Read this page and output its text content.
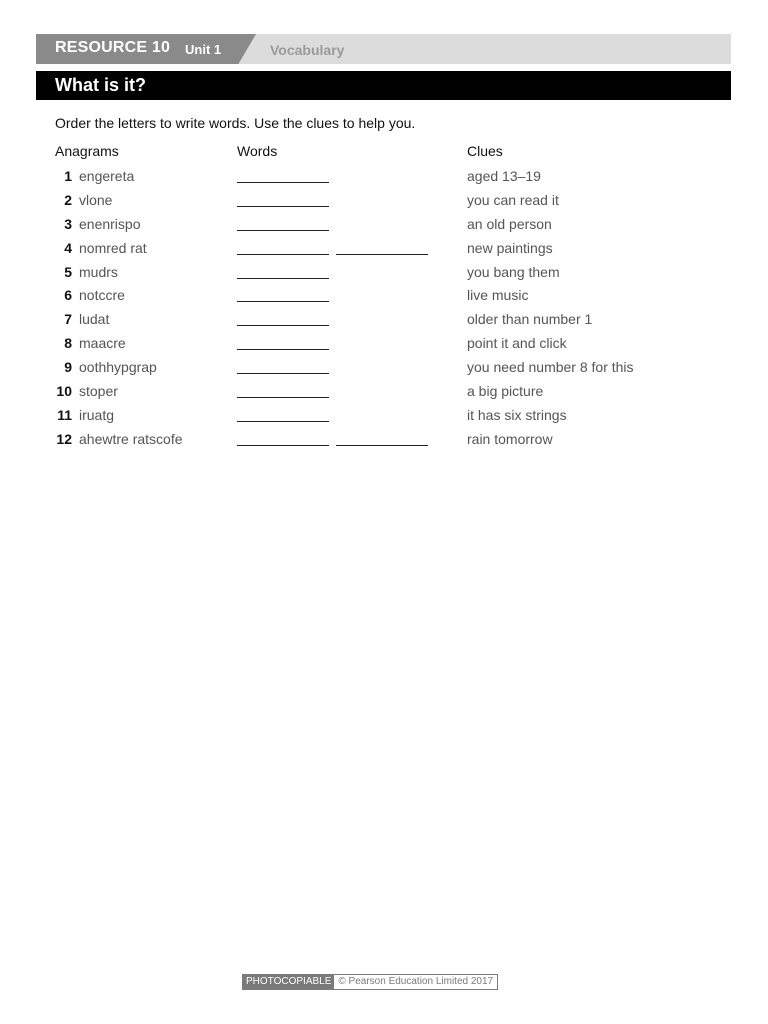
RESOURCE 10 Unit 1	Vocabulary
What is it?
Order the letters to write words. Use the clues to help you.
Anagrams	Words	Clues
1 engereta	aged 13–19
2 vlone	you can read it
3 enenrispo	an old person
4 nomred rat	new paintings
5 mudrs	you bang them
6 notccre	live music
7 ludat	older than number 1
8 maacre	point it and click
9 oothhypgrap	you need number 8 for this
10 stoper	a big picture
11 iruatg	it has six strings
12 ahewtre ratscofe	rain tomorrow
PHOTOCOPIABLE © Pearson Education Limited 2017
